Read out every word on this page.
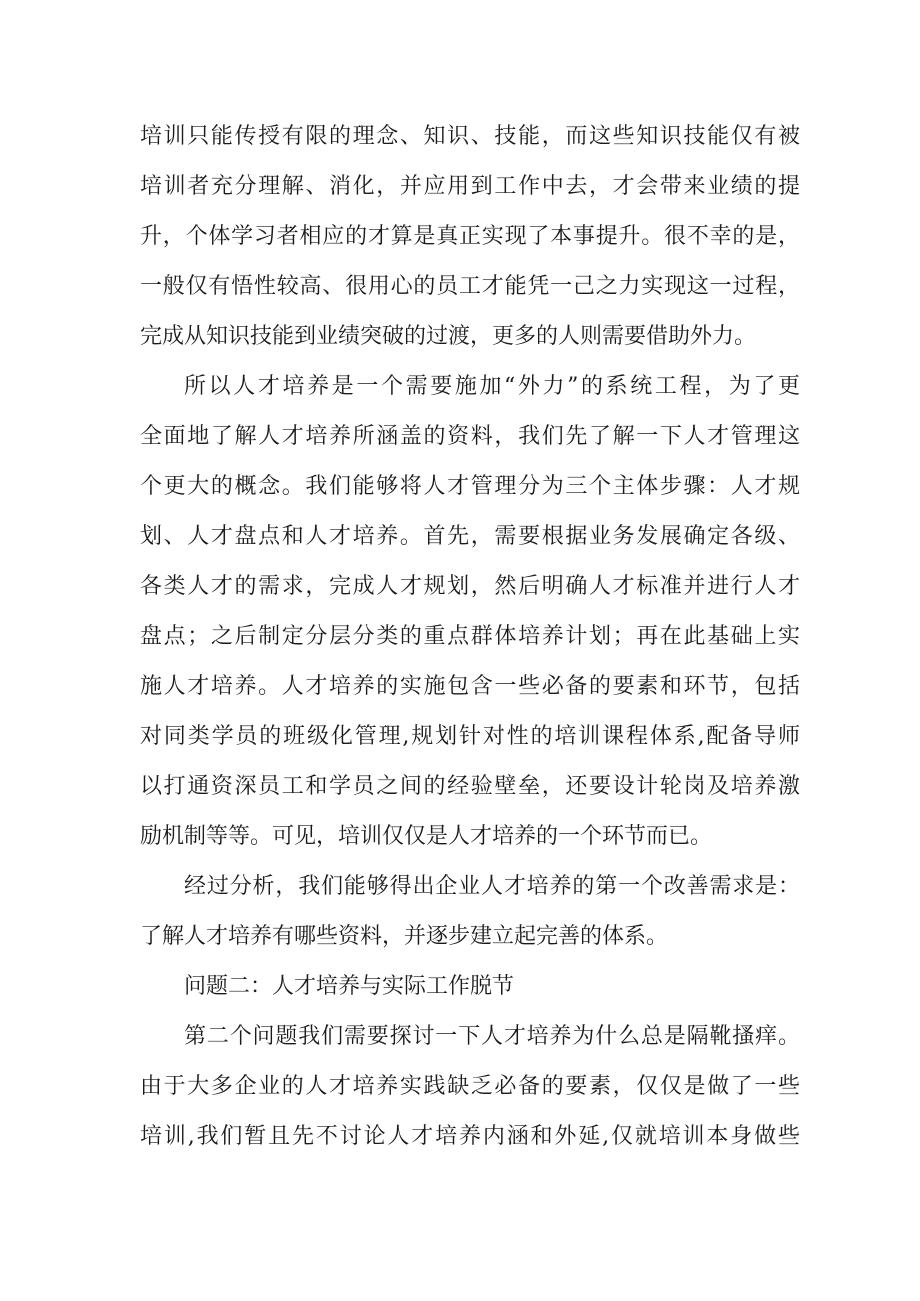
培训只能传授有限的理念、知识、技能，而这些知识技能仅有被
培训者充分理解、消化，并应用到工作中去，才会带来业绩的提
升，个体学习者相应的才算是真正实现了本事提升。很不幸的是，
一般仅有悟性较高、很用心的员工才能凭一己之力实现这一过程，
完成从知识技能到业绩突破的过渡，更多的人则需要借助外力。
所以人才培养是一个需要施加“外力”的系统工程，为了更
全面地了解人才培养所涵盖的资料，我们先了解一下人才管理这
个更大的概念。我们能够将人才管理分为三个主体步骤：人才规
划、人才盘点和人才培养。首先，需要根据业务发展确定各级、
各类人才的需求，完成人才规划，然后明确人才标准并进行人才
盘点；之后制定分层分类的重点群体培养计划；再在此基础上实
施人才培养。人才培养的实施包含一些必备的要素和环节，包括
对同类学员的班级化管理,规划针对性的培训课程体系,配备导师
以打通资深员工和学员之间的经验壁垒，还要设计轮岗及培养激
励机制等等。可见，培训仅仅是人才培养的一个环节而已。
经过分析，我们能够得出企业人才培养的第一个改善需求是：
了解人才培养有哪些资料，并逐步建立起完善的体系。
问题二：人才培养与实际工作脱节
第二个问题我们需要探讨一下人才培养为什么总是隔靴搔痒。
由于大多企业的人才培养实践缺乏必备的要素，仅仅是做了一些
培训,我们暂且先不讨论人才培养内涵和外延,仅就培训本身做些
